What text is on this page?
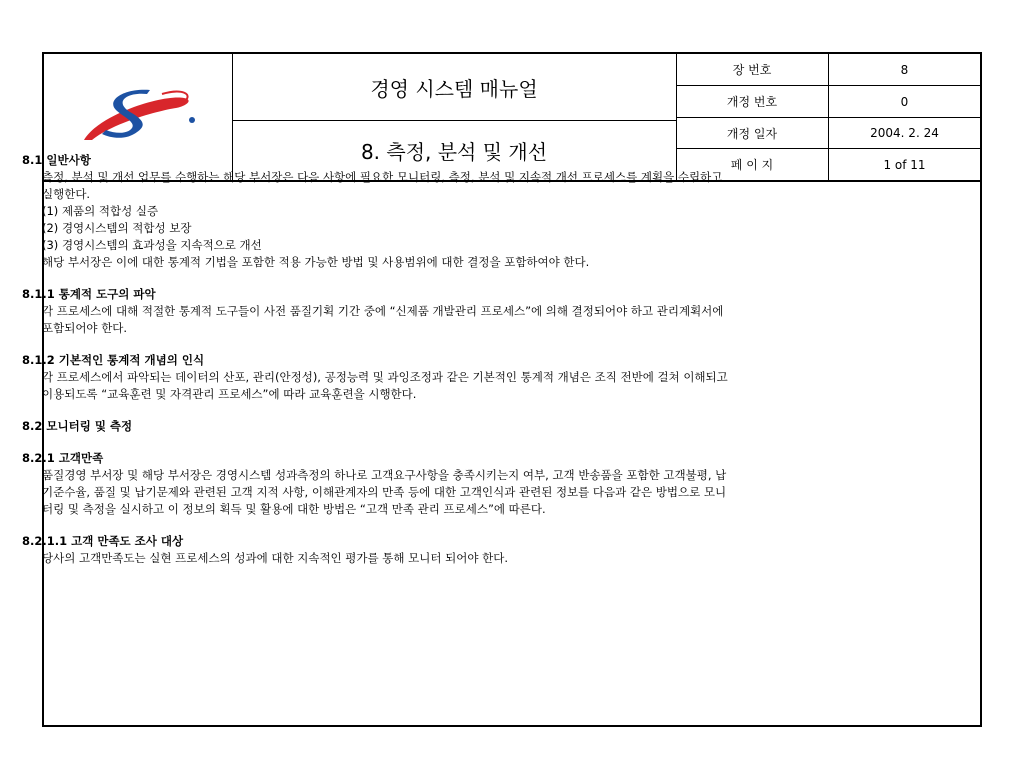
경영 시스템 매뉴얼
8. 측정, 분석 및 개선
장 번호	8
개정 번호	0
개정 일자	2004. 2. 24
페 이 지	1 of 11
8.1 일반사항
측정, 분석 및 개선 업무를 수행하는 해당 부서장은 다음 사항에 필요한 모니터링, 측정, 분석 및 지속적 개선 프로세스를 계획을 수립하고
실행한다.
(1) 제품의 적합성 실증
(2) 경영시스템의 적합성 보장
(3) 경영시스템의 효과성을 지속적으로 개선
해당 부서장은 이에 대한 통계적 기법을 포함한 적용 가능한 방법 및 사용범위에 대한 결정을 포함하여야 한다.
8.1.1 통계적 도구의 파악
각 프로세스에 대해 적절한 통계적 도구들이 사전 품질기획 기간 중에 “신제품 개발관리 프로세스”에 의해 결정되어야 하고 관리계획서에
포함되어야 한다.
8.1.2 기본적인 통계적 개념의 인식
각 프로세스에서 파악되는 데이터의 산포, 관리(안정성), 공정능력 및 과잉조정과 같은 기본적인 통계적 개념은 조직 전반에 걸쳐 이해되고
이용되도록 “교육훈련 및 자격관리 프로세스”에 따라 교육훈련을 시행한다.
8.2 모니터링 및 측정
8.2.1 고객만족
품질경영 부서장 및 해당 부서장은 경영시스템 성과측정의 하나로 고객요구사항을 충족시키는지 여부, 고객 반송품을 포함한 고객불평, 납
기준수율, 품질 및 납기문제와 관련된 고객 지적 사항, 이해관계자의 만족 등에 대한 고객인식과 관련된 정보를 다음과 같은 방법으로 모니
터링 및 측정을 실시하고 이 정보의 획득 및 활용에 대한 방법은 “고객 만족 관리 프로세스”에 따른다.
8.2.1.1 고객 만족도 조사 대상
당사의 고객만족도는 실현 프로세스의 성과에 대한 지속적인 평가를 통해 모니터 되어야 한다.
